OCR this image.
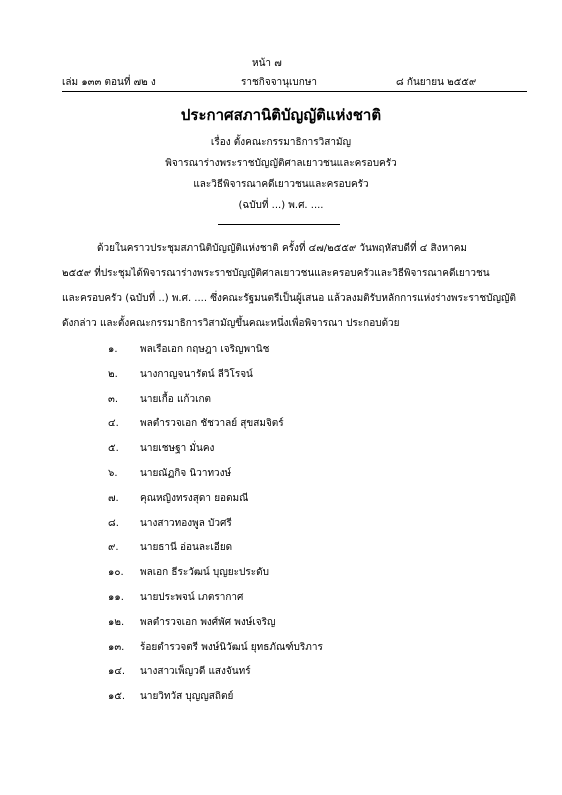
หน้า ๗
เล่ม ๑๓๓ ตอนที่ ๗๒ ง	ราชกิจจานุเบกษา	๘ กันยายน ๒๕๕๙
ประกาศสภานิติบัญญัติแห่งชาติ
เรื่อง ตั้งคณะกรรมาธิการวิสามัญ
พิจารณาร่างพระราชบัญญัติศาลเยาวชนและครอบครัว
และวิธีพิจารณาคดีเยาวชนและครอบครัว
(ฉบับที่ ...) พ.ศ. ....
ด้วยในคราวประชุมสภานิติบัญญัติแห่งชาติ ครั้งที่ ๔๗/๒๕๕๙ วันพฤหัสบดีที่ ๔ สิงหาคม
๒๕๕๙ ที่ประชุมได้พิจารณาร่างพระราชบัญญัติศาลเยาวชนและครอบครัวและวิธีพิจารณาคดีเยาวชน
และครอบครัว (ฉบับที่ ..) พ.ศ. .... ซึ่งคณะรัฐมนตรีเป็นผู้เสนอ แล้วลงมติรับหลักการแห่งร่างพระราชบัญญัติ
ดังกล่าว และตั้งคณะกรรมาธิการวิสามัญขึ้นคณะหนึ่งเพื่อพิจารณา ประกอบด้วย
๑. พลเรือเอก กฤษฎา เจริญพานิช
๒. นางกาญจนารัตน์ ลีวิโรจน์
๓. นายเกื้อ แก้วเกต
๔. พลตำรวจเอก ชัชวาลย์ สุขสมจิตร์
๕. นายเชษฐา มั่นคง
๖. นายณัฏกิจ นิวาทวงษ์
๗. คุณหญิงทรงสุดา ยอดมณี
๘. นางสาวทองพูล บัวศรี
๙. นายธานี อ่อนละเอียด
๑๐. พลเอก ธีระวัฒน์ บุญยะประดับ
๑๑. นายประพจน์ เภตรากาศ
๑๒. พลตำรวจเอก พงศ์พัศ พงษ์เจริญ
๑๓. ร้อยตำรวจตรี พงษ์นิวัฒน์ ยุทธภัณฑ์บริภาร
๑๔. นางสาวเพ็ญวดี แสงจันทร์
๑๕. นายวิทวัส บุญญสถิตย์
